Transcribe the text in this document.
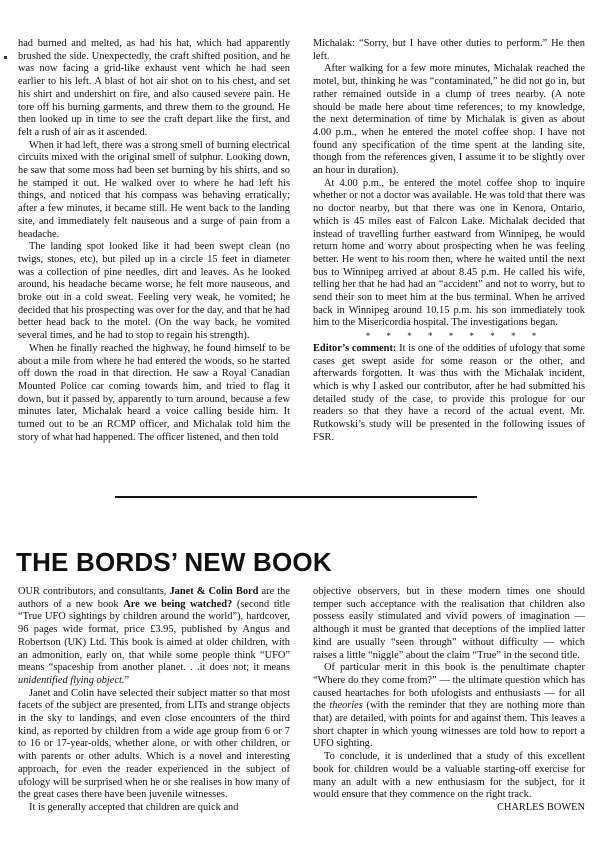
had burned and melted, as had his hat, which had apparently brushed the side. Unexpectedly, the craft shifted position, and he was now facing a grid-like exhaust vent which he had seen earlier to his left. A blast of hot air shot on to his chest, and set his shirt and undershirt on fire, and also caused severe pain. He tore off his burning garments, and threw them to the ground. He then looked up in time to see the craft depart like the first, and felt a rush of air as it ascended.

When it had left, there was a strong smell of burning electrical circuits mixed with the original smell of sulphur. Looking down, he saw that some moss had been set burning by his shirts, and so he stamped it out. He walked over to where he had left his things, and noticed that his compass was behaving erratically; after a few minutes, it became still. He went back to the landing site, and immediately felt nauseous and a surge of pain from a headache.

The landing spot looked like it had been swept clean (no twigs, stones, etc), but piled up in a circle 15 feet in diameter was a collection of pine needles, dirt and leaves. As he looked around, his headache became worse, he felt more nauseous, and broke out in a cold sweat. Feeling very weak, he vomited; he decided that his prospecting was over for the day, and that he had better head back to the motel. (On the way back, he vomited several times, and he had to stop to regain his strength).

When he finally reached the highway, he found himself to be about a mile from where he had entered the woods, so he started off down the road in that direction. He saw a Royal Canadian Mounted Police car coming towards him, and tried to flag it down, but it passed by, apparently to turn around, because a few minutes later, Michalak heard a voice calling beside him. It turned out to be an RCMP officer, and Michalak told him the story of what had happened. The officer listened, and then told

Michalak: “Sorry, but I have other duties to perform.” He then left.

After walking for a few more minutes, Michalak reached the motel, but, thinking he was “contaminated,” he did not go in, but rather remained outside in a clump of trees nearby. (A note should be made here about time references; to my knowledge, the next determination of time by Michalak is given as about 4.00 p.m., when he entered the motel coffee shop. I have not found any specification of the time spent at the landing site, though from the references given, I assume it to be slightly over an hour in duration).

At 4.00 p.m., he entered the motel coffee shop to inquire whether or not a doctor was available. He was told that there was no doctor nearby, but that there was one in Kenora, Ontario, which is 45 miles east of Falcon Lake. Michalak decided that instead of travelling further eastward from Winnipeg, he would return home and worry about prospecting when he was feeling better. He went to his room then, where he waited until the next bus to Winnipeg arrived at about 8.45 p.m. He called his wife, telling her that he had had an “accident” and not to worry, but to send their son to meet him at the bus terminal. When he arrived back in Winnipeg around 10.15 p.m. his son immediately took him to the Misericordia hospital. The investigations began.

* * * * * * * * *

Editor’s comment: It is one of the oddities of ufology that some cases get swept aside for some reason or the other, and afterwards forgotten. It was thus with the Michalak incident, which is why I asked our contributor, after he had submitted his detailed study of the case, to provide this prologue for our readers so that they have a record of the actual event. Mr. Rutkowski’s study will be presented in the following issues of FSR.

THE BORDS’ NEW BOOK

OUR contributors, and consultants, Janet & Colin Bord are the authors of a new book Are we being watched? (second title “True UFO sightings by children around the world”), hardcover, 96 pages wide format, price £3.95, published by Angus and Robertson (UK) Ltd. This book is aimed at older children, with an admonition, early on, that while some people think “UFO” means “spaceship from another planet. . .it does not; it means unidentified flying object.”

Janet and Colin have selected their subject matter so that most facets of the subject are presented, from LITs and strange objects in the sky to landings, and even close encounters of the third kind, as reported by children from a wide age group from 6 or 7 to 16 or 17-year-olds, whether alone, or with other children, or with parents or other adults. Which is a novel and interesting approach, for even the reader experienced in the subject of ufology will be surprised when he or she realises in how many of the great cases there have been juvenile witnesses.

It is generally accepted that children are quick and

objective observers, but in these modern times one should temper such acceptance with the realisation that children also possess easily stimulated and vivid powers of imagination — although it must be granted that deceptions of the implied latter kind are usually “seen through” without difficulty — which raises a little “niggle” about the claim “True” in the second title.

Of particular merit in this book is the penultimate chapter “Where do they come from?” — the ultimate question which has caused heartaches for both ufologists and enthusiasts — for all the theories (with the reminder that they are nothing more than that) are detailed, with points for and against them. This leaves a short chapter in which young witnesses are told how to report a UFO sighting.

To conclude, it is underlined that a study of this excellent book for children would be a valuable starting-off exercise for many an adult with a new enthusiasm for the subject, for it would ensure that they commence on the right track.

CHARLES BOWEN
